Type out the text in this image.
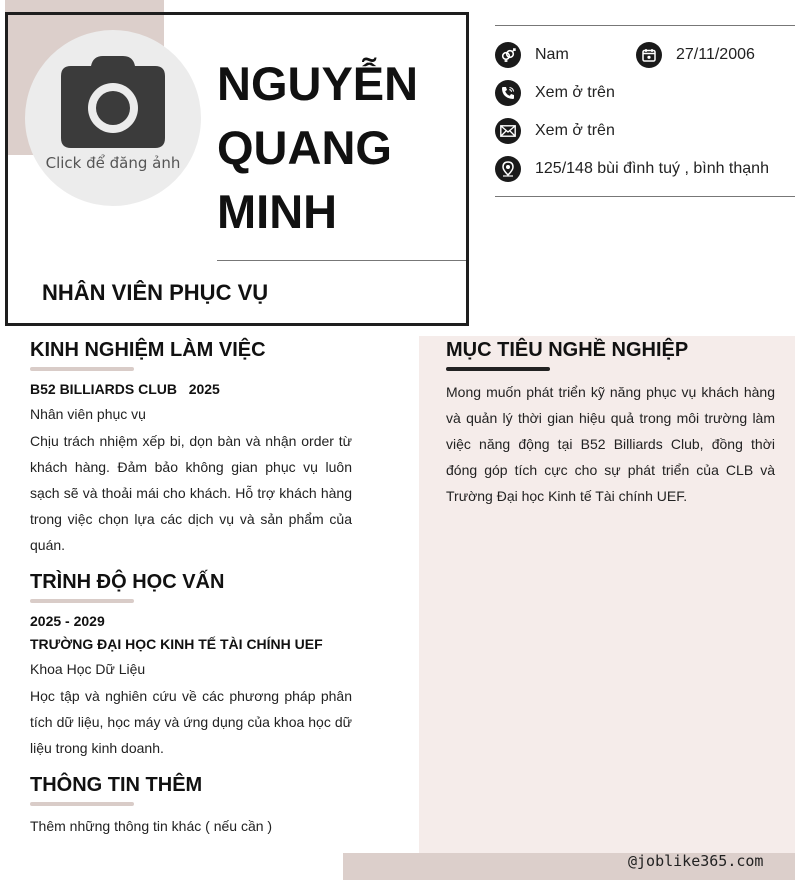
Click để đăng ảnh
NGUYỄN
QUANG
MINH
NHÂN VIÊN PHỤC VỤ
Nam	27/11/2006
Xem ở trên
Xem ở trên
125/148 bùi đình tuý , bình thạnh
KINH NGHIỆM LÀM VIỆC
B52 BILLIARDS CLUB 2025
Nhân viên phục vụ
Chịu trách nhiệm xếp bi, dọn bàn và nhận order từ khách hàng. Đảm bảo không gian phục vụ luôn sạch sẽ và thoải mái cho khách. Hỗ trợ khách hàng trong việc chọn lựa các dịch vụ và sản phẩm của quán.
TRÌNH ĐỘ HỌC VẤN
2025 - 2029
TRƯỜNG ĐẠI HỌC KINH TẾ TÀI CHÍNH UEF
Khoa Học Dữ Liệu
Học tập và nghiên cứu về các phương pháp phân tích dữ liệu, học máy và ứng dụng của khoa học dữ liệu trong kinh doanh.
THÔNG TIN THÊM
Thêm những thông tin khác ( nếu cần )
MỤC TIÊU NGHỀ NGHIỆP
Mong muốn phát triển kỹ năng phục vụ khách hàng và quản lý thời gian hiệu quả trong môi trường làm việc năng động tại B52 Billiards Club, đồng thời đóng góp tích cực cho sự phát triển của CLB và Trường Đại học Kinh tế Tài chính UEF.
@joblike365.com
